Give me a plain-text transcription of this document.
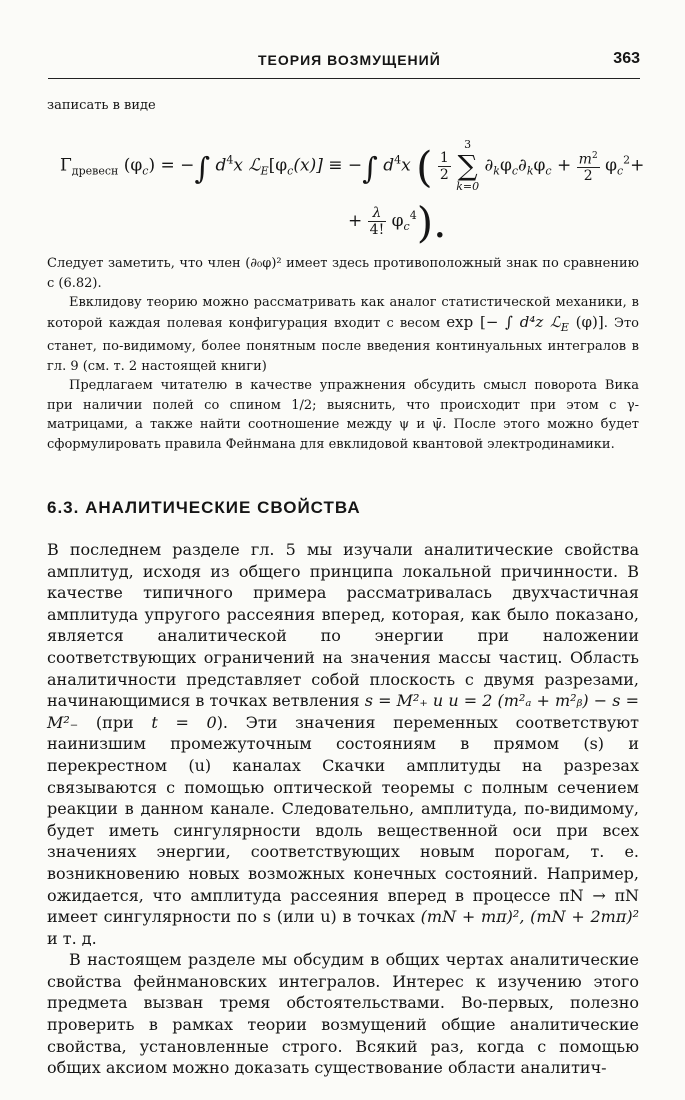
ТЕОРИЯ ВОЗМУЩЕНИЙ	363
записать в виде
$\Gamma_{древесн}$ $(\varphi_c)$ = −∫ $d^4x$ $ℒ_E[\varphi_c(x)]$ ≡ −∫ $d^4x$ ( $\frac{1}{2}$

3
∑
k=0
$\partial_k\varphi_c\partial_k\varphi_c + \frac{m^2}{2} \varphi_c^2+$
+ $\frac{\lambda}{4!} \varphi_c^4$).

Следует заметить, что член (∂₀φ)² имеет здесь противоположный знак по сравнению с (6.82).

Евклидову теорию можно рассматривать как аналог статистической механики, в которой каждая полевая конфигурация входит с весом exp [− ∫ d⁴z ℒ$_E$ (φ)]. Это станет, по-видимому, более понятным после введения континуальных интегралов в гл. 9 (см. т. 2 настоящей книги)

Предлагаем читателю в качестве упражнения обсудить смысл поворота Вика при наличии полей со спином 1/2; выяснить, что происходит при этом с γ-матрицами, а также найти соотношение между ψ и ψ̄. После этого можно будет сформулировать правила Фейнмана для евклидовой квантовой электродинамики.

6.3. АНАЛИТИЧЕСКИЕ СВОЙСТВА

В последнем разделе гл. 5 мы изучали аналитические свойства амплитуд, исходя из общего принципа локальной причинности. В качестве типичного примера рассматривалась двухчастичная амплитуда упругого рассеяния вперед, которая, как было показано, является аналитической по энергии при наложении соответствующих ограничений на значения массы частиц. Область аналитичности представляет собой плоскость с двумя разрезами, начинающимися в точках ветвления s = M²₊ и u = 2 (m²ₐ + m²ᵦ) − s = M²₋ (при t = 0). Эти значения переменных соответствуют наинизшим промежуточным состояниям в прямом (s) и перекрестном (u) каналах Скачки амплитуды на разрезах связываются с помощью оптической теоремы с полным сечением реакции в данном канале. Следовательно, амплитуда, по-видимому, будет иметь сингулярности вдоль вещественной оси при всех значениях энергии, соответствующих новым порогам, т. е. возникновению новых возможных конечных состояний. Например, ожидается, что амплитуда рассеяния вперед в процессе πN → πN имеет сингулярности по s (или u) в точках (mN + mπ)², (mN + 2mπ)² и т. д.

В настоящем разделе мы обсудим в общих чертах аналитические свойства фейнмановских интегралов. Интерес к изучению этого предмета вызван тремя обстоятельствами. Во-первых, полезно проверить в рамках теории возмущений общие аналитические свойства, установленные строго. Всякий раз, когда с помощью общих аксиом можно доказать существование области аналитич-
